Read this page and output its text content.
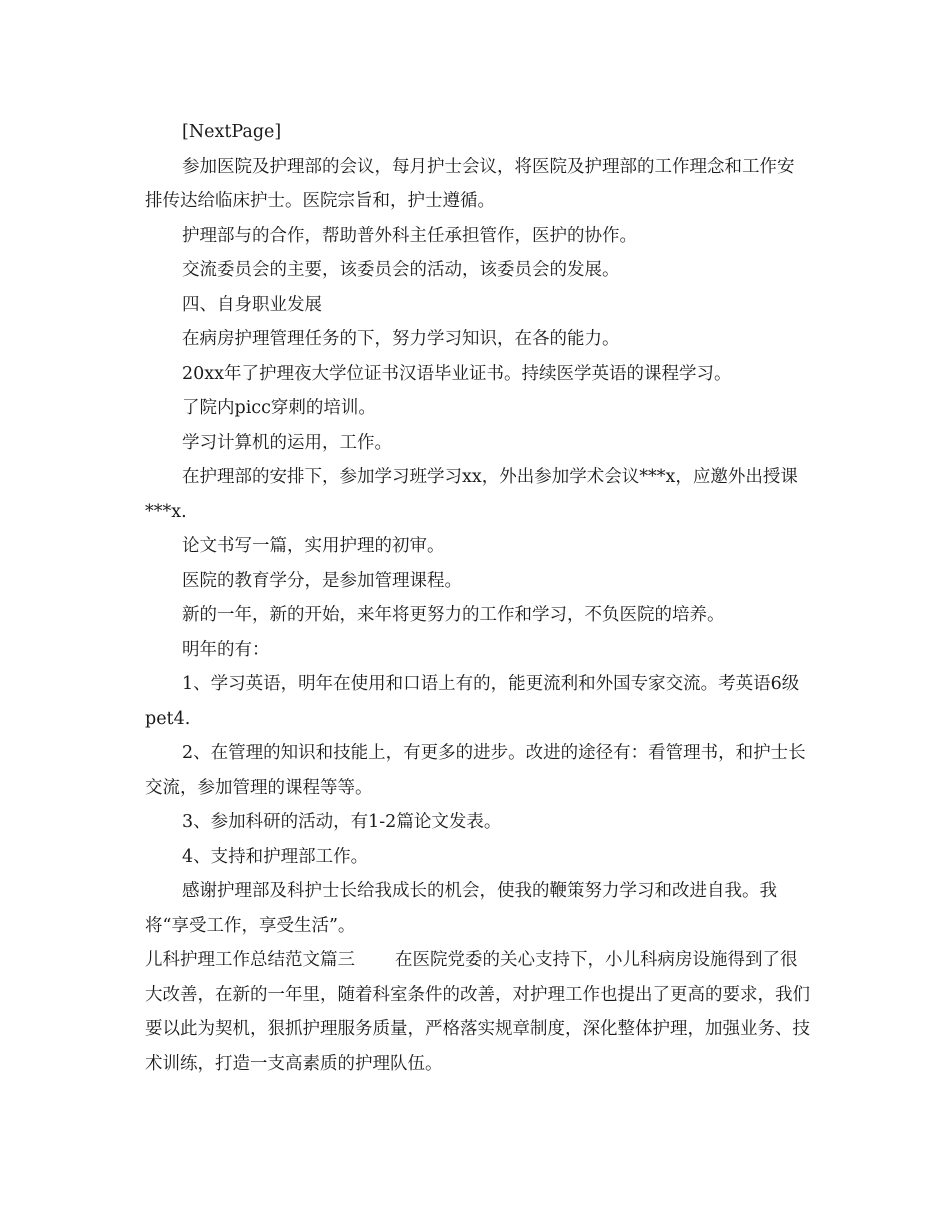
[NextPage]

参加医院及护理部的会议，每月护士会议，将医院及护理部的工作理念和工作安排传达给临床护士。医院宗旨和，护士遵循。

护理部与的合作，帮助普外科主任承担管作，医护的协作。

交流委员会的主要，该委员会的活动，该委员会的发展。

四、自身职业发展

在病房护理管理任务的下，努力学习知识，在各的能力。

20xx年了护理夜大学位证书汉语毕业证书。持续医学英语的课程学习。

了院内picc穿刺的培训。

学习计算机的运用，工作。

在护理部的安排下，参加学习班学习xx，外出参加学术会议***x，应邀外出授课***x.

论文书写一篇，实用护理的初审。

医院的教育学分，是参加管理课程。

新的一年，新的开始，来年将更努力的工作和学习，不负医院的培养。

明年的有：

1、学习英语，明年在使用和口语上有的，能更流利和外国专家交流。考英语6级pet4.

2、在管理的知识和技能上，有更多的进步。改进的途径有：看管理书，和护士长交流，参加管理的课程等等。

3、参加科研的活动，有1-2篇论文发表。

4、支持和护理部工作。

感谢护理部及科护士长给我成长的机会，使我的鞭策努力学习和改进自我。我将“享受工作，享受生活”。

儿科护理工作总结范文篇三 在医院党委的关心支持下，小儿科病房设施得到了很大改善，在新的一年里，随着科室条件的改善，对护理工作也提出了更高的要求，我们要以此为契机，狠抓护理服务质量，严格落实规章制度，深化整体护理，加强业务、技术训练，打造一支高素质的护理队伍。
